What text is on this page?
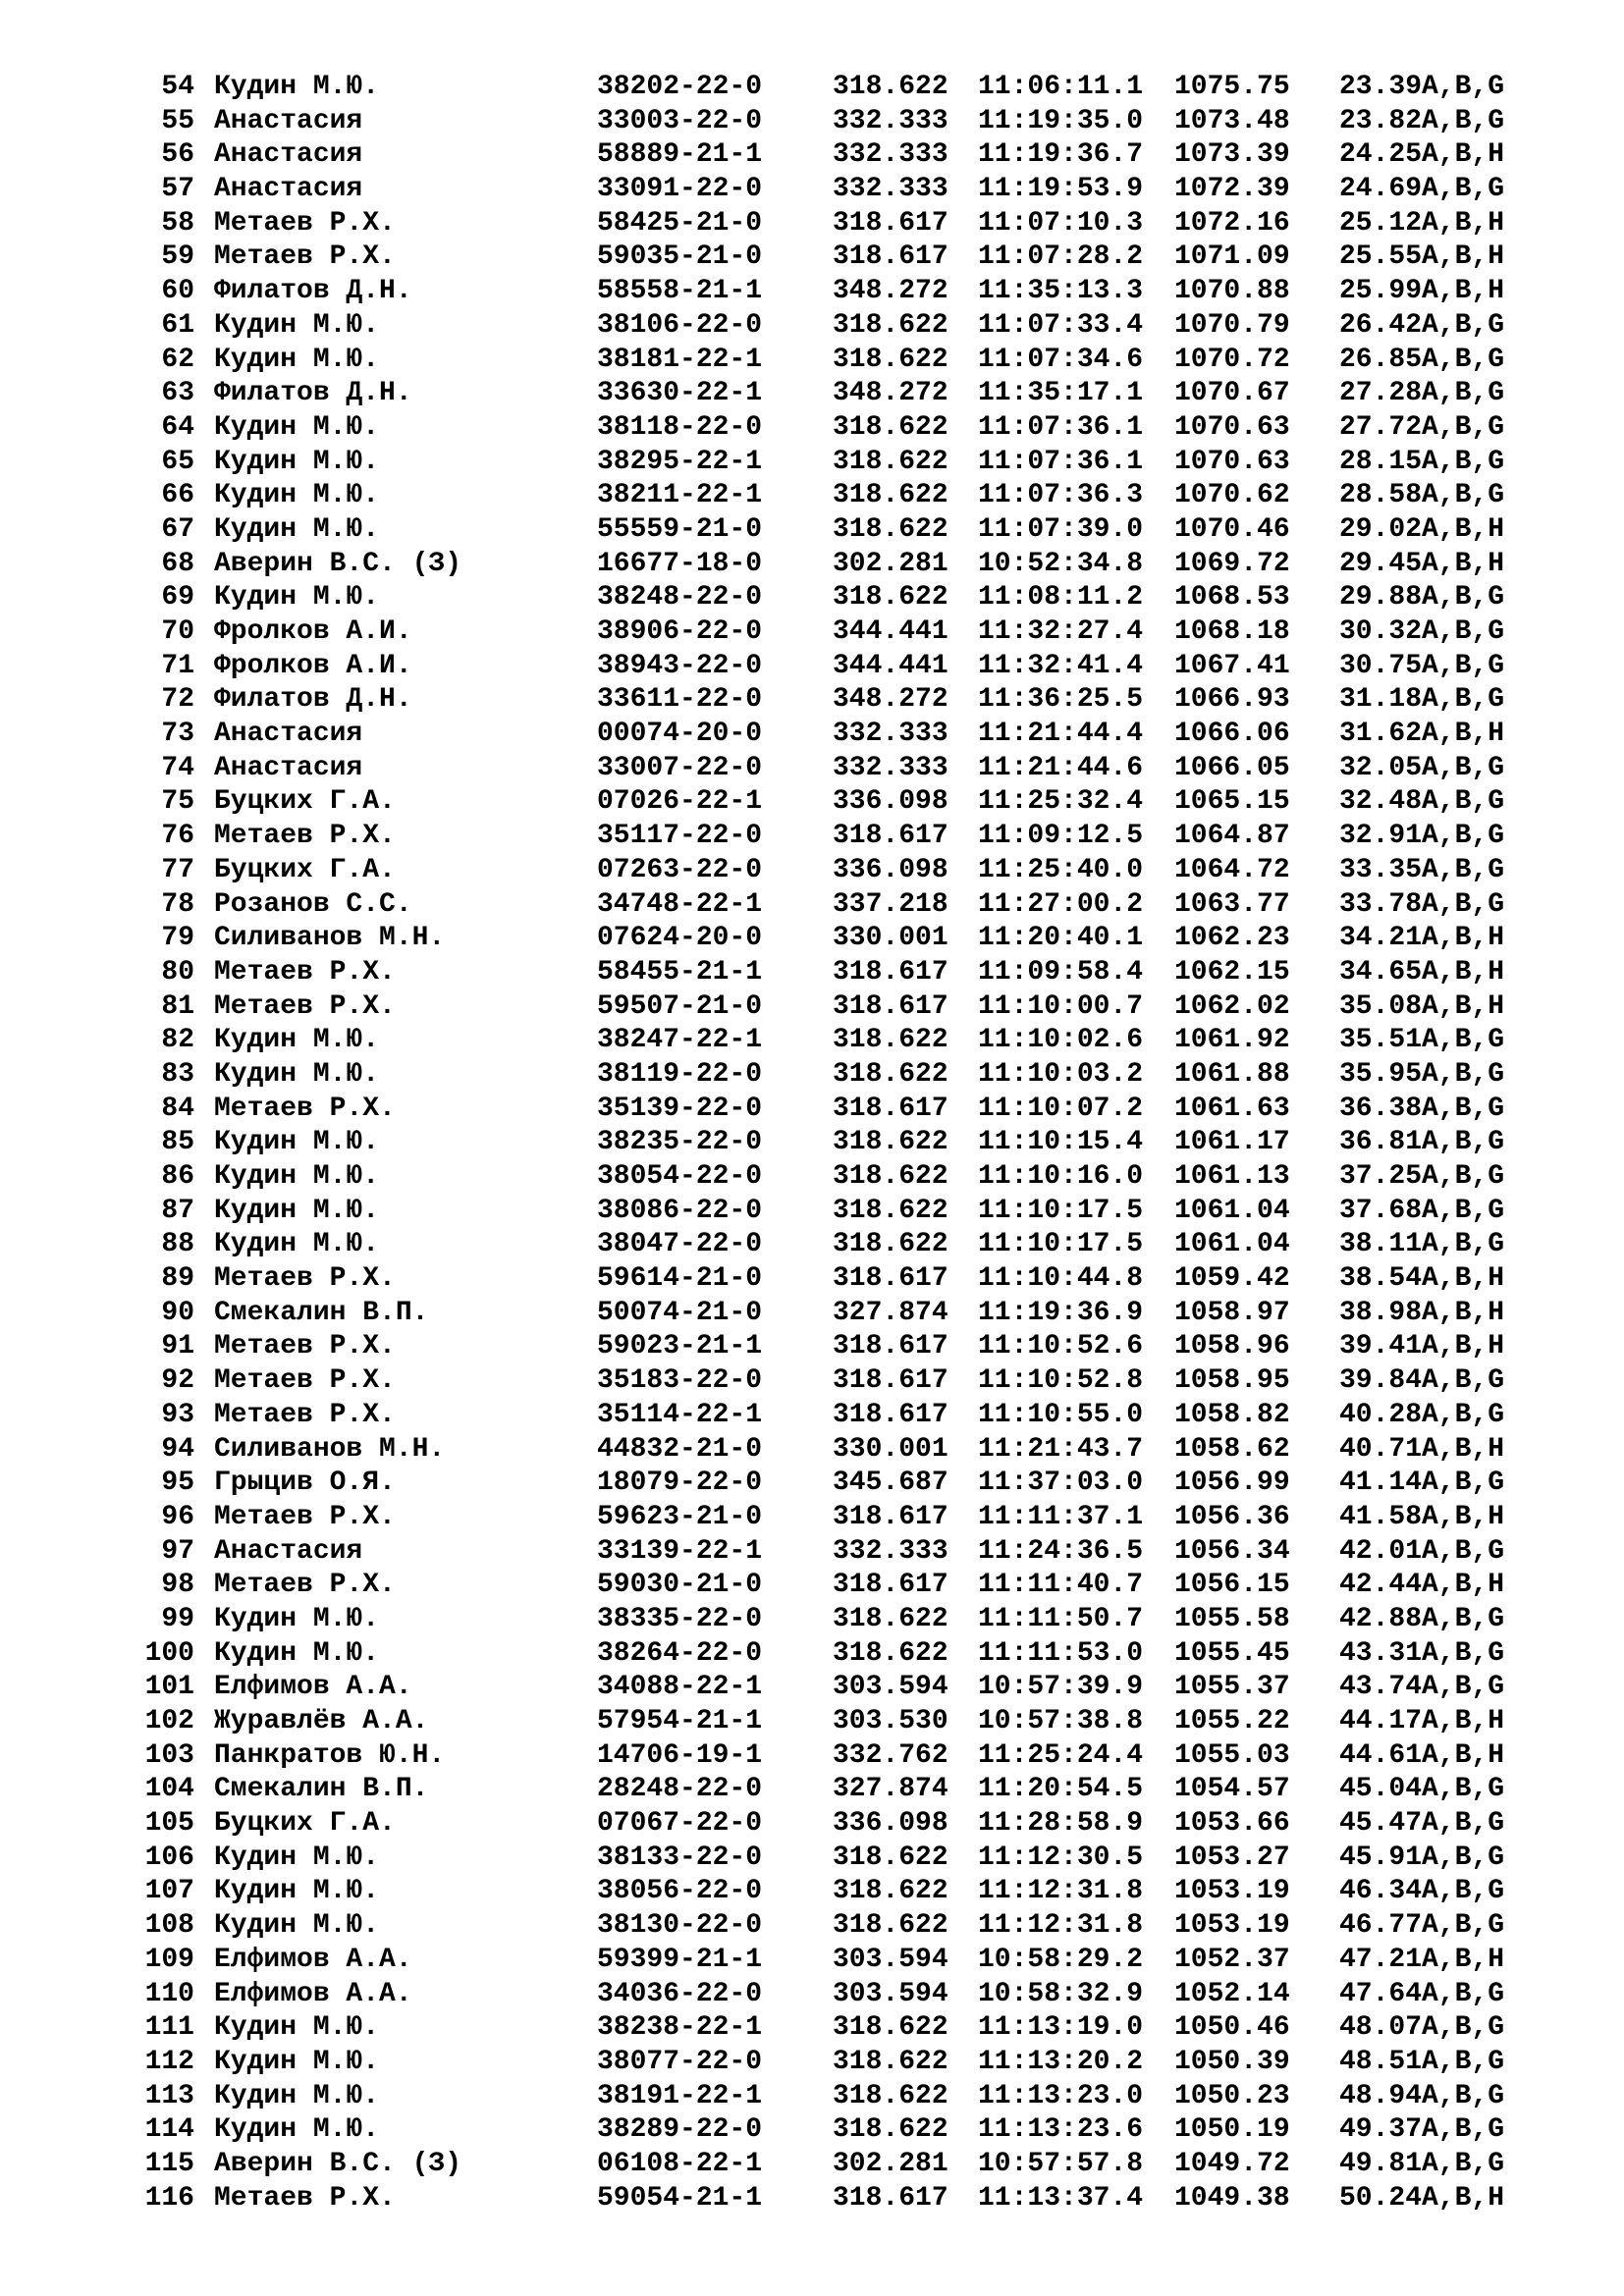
54 Кудин М.Ю.	38202-22-0	318.622 11:06:11.1 1075.75 23.39 A,B,G
55 Анастасия	33003-22-0	332.333 11:19:35.0 1073.48 23.82 A,B,G
56 Анастасия	58889-21-1	332.333 11:19:36.7 1073.39 24.25 A,B,H
57 Анастасия	33091-22-0	332.333 11:19:53.9 1072.39 24.69 A,B,G
58 Метаев Р.Х.	58425-21-0	318.617 11:07:10.3 1072.16 25.12 A,B,H
59 Метаев Р.Х.	59035-21-0	318.617 11:07:28.2 1071.09 25.55 A,B,H
60 Филатов Д.Н.	58558-21-1	348.272 11:35:13.3 1070.88 25.99 A,B,H
61 Кудин М.Ю.	38106-22-0	318.622 11:07:33.4 1070.79 26.42 A,B,G
62 Кудин М.Ю.	38181-22-1	318.622 11:07:34.6 1070.72 26.85 A,B,G
63 Филатов Д.Н.	33630-22-1	348.272 11:35:17.1 1070.67 27.28 A,B,G
64 Кудин М.Ю.	38118-22-0	318.622 11:07:36.1 1070.63 27.72 A,B,G
65 Кудин М.Ю.	38295-22-1	318.622 11:07:36.1 1070.63 28.15 A,B,G
66 Кудин М.Ю.	38211-22-1	318.622 11:07:36.3 1070.62 28.58 A,B,G
67 Кудин М.Ю.	55559-21-0	318.622 11:07:39.0 1070.46 29.02 A,B,H
68 Аверин В.С. (З)	16677-18-0	302.281 10:52:34.8 1069.72 29.45 A,B,H
69 Кудин М.Ю.	38248-22-0	318.622 11:08:11.2 1068.53 29.88 A,B,G
70 Фролков А.И.	38906-22-0	344.441 11:32:27.4 1068.18 30.32 A,B,G
71 Фролков А.И.	38943-22-0	344.441 11:32:41.4 1067.41 30.75 A,B,G
72 Филатов Д.Н.	33611-22-0	348.272 11:36:25.5 1066.93 31.18 A,B,G
73 Анастасия	00074-20-0	332.333 11:21:44.4 1066.06 31.62 A,B,H
74 Анастасия	33007-22-0	332.333 11:21:44.6 1066.05 32.05 A,B,G
75 Буцких Г.А.	07026-22-1	336.098 11:25:32.4 1065.15 32.48 A,B,G
76 Метаев Р.Х.	35117-22-0	318.617 11:09:12.5 1064.87 32.91 A,B,G
77 Буцких Г.А.	07263-22-0	336.098 11:25:40.0 1064.72 33.35 A,B,G
78 Розанов С.С.	34748-22-1	337.218 11:27:00.2 1063.77 33.78 A,B,G
79 Силиванов М.Н.	07624-20-0	330.001 11:20:40.1 1062.23 34.21 A,B,H
80 Метаев Р.Х.	58455-21-1	318.617 11:09:58.4 1062.15 34.65 A,B,H
81 Метаев Р.Х.	59507-21-0	318.617 11:10:00.7 1062.02 35.08 A,B,H
82 Кудин М.Ю.	38247-22-1	318.622 11:10:02.6 1061.92 35.51 A,B,G
83 Кудин М.Ю.	38119-22-0	318.622 11:10:03.2 1061.88 35.95 A,B,G
84 Метаев Р.Х.	35139-22-0	318.617 11:10:07.2 1061.63 36.38 A,B,G
85 Кудин М.Ю.	38235-22-0	318.622 11:10:15.4 1061.17 36.81 A,B,G
86 Кудин М.Ю.	38054-22-0	318.622 11:10:16.0 1061.13 37.25 A,B,G
87 Кудин М.Ю.	38086-22-0	318.622 11:10:17.5 1061.04 37.68 A,B,G
88 Кудин М.Ю.	38047-22-0	318.622 11:10:17.5 1061.04 38.11 A,B,G
89 Метаев Р.Х.	59614-21-0	318.617 11:10:44.8 1059.42 38.54 A,B,H
90 Смекалин В.П.	50074-21-0	327.874 11:19:36.9 1058.97 38.98 A,B,H
91 Метаев Р.Х.	59023-21-1	318.617 11:10:52.6 1058.96 39.41 A,B,H
92 Метаев Р.Х.	35183-22-0	318.617 11:10:52.8 1058.95 39.84 A,B,G
93 Метаев Р.Х.	35114-22-1	318.617 11:10:55.0 1058.82 40.28 A,B,G
94 Силиванов М.Н.	44832-21-0	330.001 11:21:43.7 1058.62 40.71 A,B,H
95 Грыцив О.Я.	18079-22-0	345.687 11:37:03.0 1056.99 41.14 A,B,G
96 Метаев Р.Х.	59623-21-0	318.617 11:11:37.1 1056.36 41.58 A,B,H
97 Анастасия	33139-22-1	332.333 11:24:36.5 1056.34 42.01 A,B,G
98 Метаев Р.Х.	59030-21-0	318.617 11:11:40.7 1056.15 42.44 A,B,H
99 Кудин М.Ю.	38335-22-0	318.622 11:11:50.7 1055.58 42.88 A,B,G
100 Кудин М.Ю.	38264-22-0	318.622 11:11:53.0 1055.45 43.31 A,B,G
101 Елфимов А.А.	34088-22-1	303.594 10:57:39.9 1055.37 43.74 A,B,G
102 Журавлёв А.А.	57954-21-1	303.530 10:57:38.8 1055.22 44.17 A,B,H
103 Панкратов Ю.Н.	14706-19-1	332.762 11:25:24.4 1055.03 44.61 A,B,H
104 Смекалин В.П.	28248-22-0	327.874 11:20:54.5 1054.57 45.04 A,B,G
105 Буцких Г.А.	07067-22-0	336.098 11:28:58.9 1053.66 45.47 A,B,G
106 Кудин М.Ю.	38133-22-0	318.622 11:12:30.5 1053.27 45.91 A,B,G
107 Кудин М.Ю.	38056-22-0	318.622 11:12:31.8 1053.19 46.34 A,B,G
108 Кудин М.Ю.	38130-22-0	318.622 11:12:31.8 1053.19 46.77 A,B,G
109 Елфимов А.А.	59399-21-1	303.594 10:58:29.2 1052.37 47.21 A,B,H
110 Елфимов А.А.	34036-22-0	303.594 10:58:32.9 1052.14 47.64 A,B,G
111 Кудин М.Ю.	38238-22-1	318.622 11:13:19.0 1050.46 48.07 A,B,G
112 Кудин М.Ю.	38077-22-0	318.622 11:13:20.2 1050.39 48.51 A,B,G
113 Кудин М.Ю.	38191-22-1	318.622 11:13:23.0 1050.23 48.94 A,B,G
114 Кудин М.Ю.	38289-22-0	318.622 11:13:23.6 1050.19 49.37 A,B,G
115 Аверин В.С. (З)	06108-22-1	302.281 10:57:57.8 1049.72 49.81 A,B,G
116 Метаев Р.Х.	59054-21-1	318.617 11:13:37.4 1049.38 50.24 A,B,H
